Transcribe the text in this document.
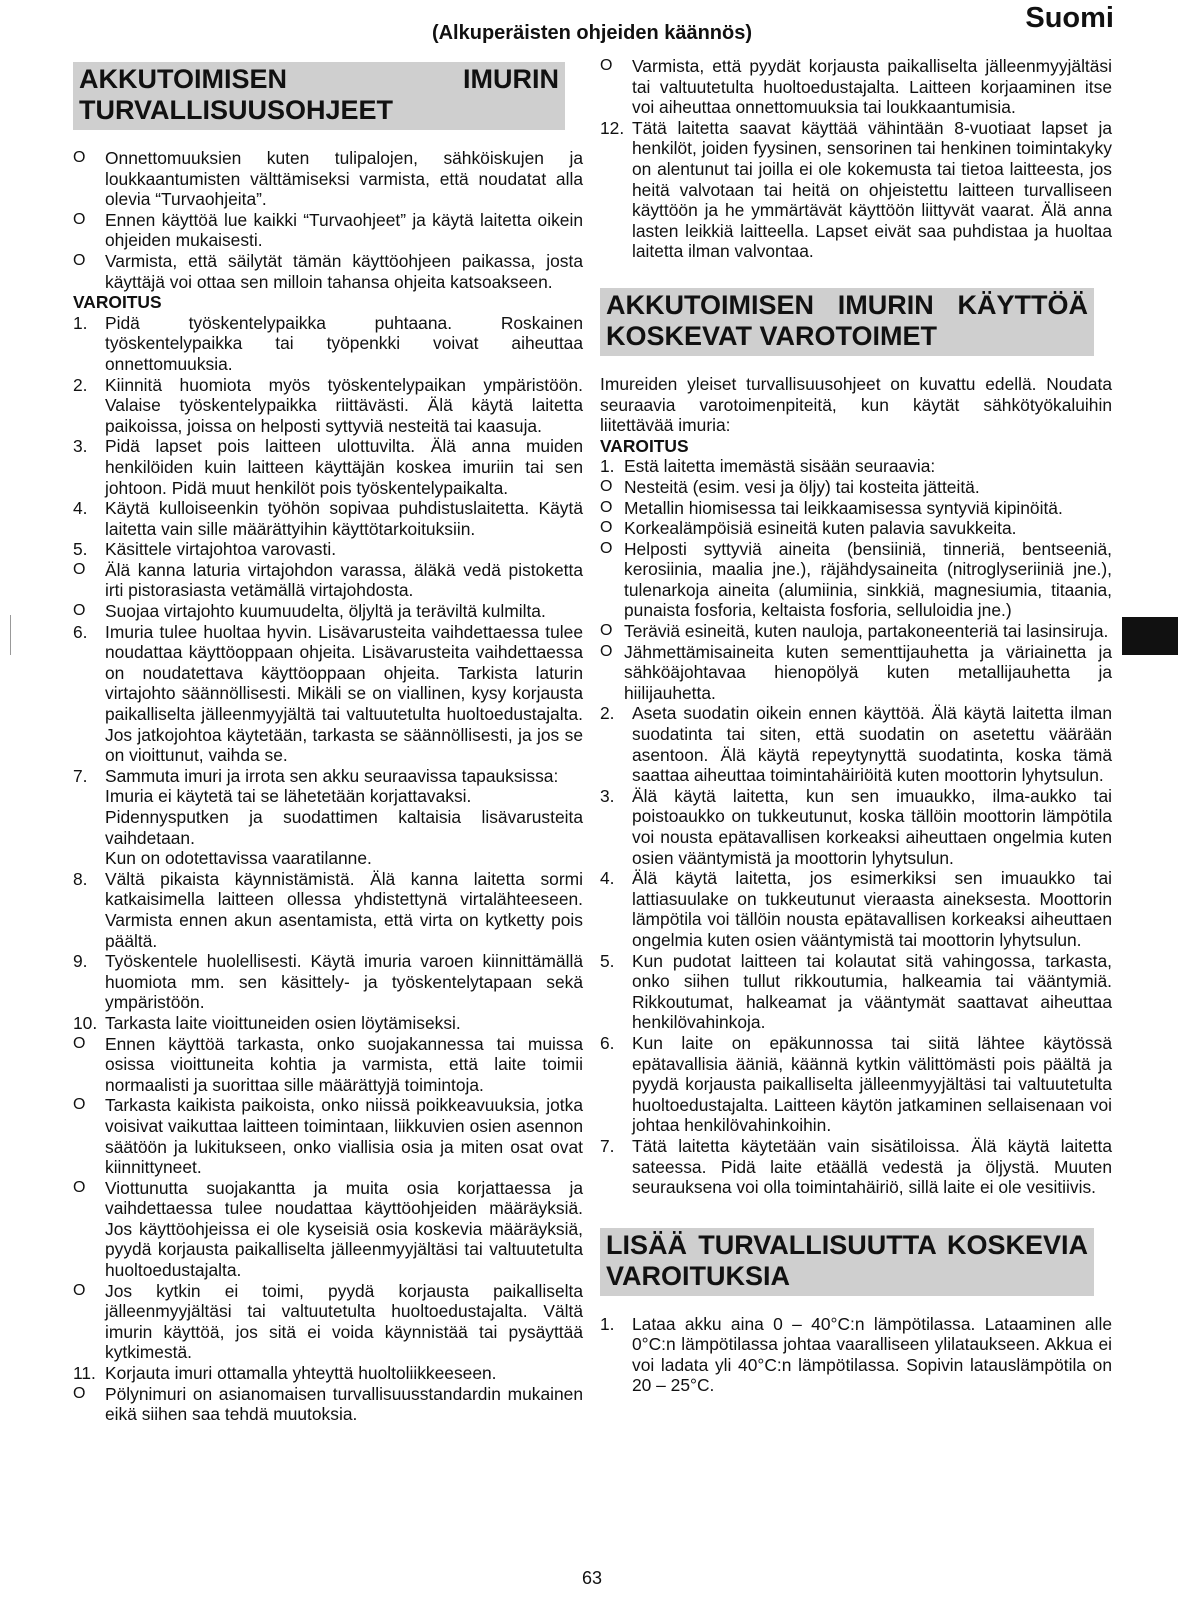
Suomi
(Alkuperäisten ohjeiden käännös)
AKKUTOIMISEN IMURIN TURVALLISUUSOHJEET
O	Onnettomuuksien kuten tulipalojen, sähköiskujen ja loukkaantumisten välttämiseksi varmista, että noudatat alla olevia “Turvaohjeita”.
O	Ennen käyttöä lue kaikki “Turvaohjeet” ja käytä laitetta oikein ohjeiden mukaisesti.
O	Varmista, että säilytät tämän käyttöohjeen paikassa, josta käyttäjä voi ottaa sen milloin tahansa ohjeita katsoakseen.
VAROITUS
1.	Pidä työskentelypaikka puhtaana. Roskainen työskentelypaikka tai työpenkki voivat aiheuttaa onnettomuuksia.
2.	Kiinnitä huomiota myös työskentelypaikan ympäristöön. Valaise työskentelypaikka riittävästi. Älä käytä laitetta paikoissa, joissa on helposti syttyviä nesteitä tai kaasuja.
3.	Pidä lapset pois laitteen ulottuvilta. Älä anna muiden henkilöiden kuin laitteen käyttäjän koskea imuriin tai sen johtoon. Pidä muut henkilöt pois työskentelypaikalta.
4.	Käytä kulloiseenkin työhön sopivaa puhdistuslaitetta. Käytä laitetta vain sille määrättyihin käyttötarkoituksiin.
5.	Käsittele virtajohtoa varovasti.
O	Älä kanna laturia virtajohdon varassa, äläkä vedä pistoketta irti pistorasiasta vetämällä virtajohdosta.
O	Suojaa virtajohto kuumuudelta, öljyltä ja teräviltä kulmilta.
6.	Imuria tulee huoltaa hyvin. Lisävarusteita vaihdettaessa tulee noudattaa käyttöoppaan ohjeita. Lisävarusteita vaihdettaessa on noudatettava käyttöoppaan ohjeita. Tarkista laturin virtajohto säännöllisesti. Mikäli se on viallinen, kysy korjausta paikalliselta jälleenmyyjältä tai valtuutetulta huoltoedustajalta. Jos jatkojohtoa käytetään, tarkasta se säännöllisesti, ja jos se on vioittunut, vaihda se.
7.	Sammuta imuri ja irrota sen akku seuraavissa tapauksissa:
Imuria ei käytetä tai se lähetetään korjattavaksi.
Pidennysputken ja suodattimen kaltaisia lisävarusteita vaihdetaan.
Kun on odotettavissa vaaratilanne.
8.	Vältä pikaista käynnistämistä. Älä kanna laitetta sormi katkaisimella laitteen ollessa yhdistettynä virtalähteeseen. Varmista ennen akun asentamista, että virta on kytketty pois päältä.
9.	Työskentele huolellisesti. Käytä imuria varoen kiinnittämällä huomiota mm. sen käsittely- ja työskentelytapaan sekä ympäristöön.
10. Tarkasta laite vioittuneiden osien löytämiseksi.
O	Ennen käyttöä tarkasta, onko suojakannessa tai muissa osissa vioittuneita kohtia ja varmista, että laite toimii normaalisti ja suorittaa sille määrättyjä toimintoja.
O	Tarkasta kaikista paikoista, onko niissä poikkeavuuksia, jotka voisivat vaikuttaa laitteen toimintaan, liikkuvien osien asennon säätöön ja lukitukseen, onko viallisia osia ja miten osat ovat kiinnittyneet.
O	Viottunutta suojakantta ja muita osia korjattaessa ja vaihdettaessa tulee noudattaa käyttöohjeiden määräyksiä. Jos käyttöohjeissa ei ole kyseisiä osia koskevia määräyksiä, pyydä korjausta paikalliselta jälleenmyyjältäsi tai valtuutetulta huoltoedustajalta.
O	Jos kytkin ei toimi, pyydä korjausta paikalliselta jälleenmyyjältäsi tai valtuutetulta huoltoedustajalta. Vältä imurin käyttöä, jos sitä ei voida käynnistää tai pysäyttää kytkimestä.
11. Korjauta imuri ottamalla yhteyttä huoltoliikkeeseen.
O	Pölynimuri on asianomaisen turvallisuusstandardin mukainen eikä siihen saa tehdä muutoksia.
O	Varmista, että pyydät korjausta paikalliselta jälleenmyyjältäsi tai valtuutetulta huoltoedustajalta. Laitteen korjaaminen itse voi aiheuttaa onnettomuuksia tai loukkaantumisia.
12. Tätä laitetta saavat käyttää vähintään 8-vuotiaat lapset ja henkilöt, joiden fyysinen, sensorinen tai henkinen toimintakyky on alentunut tai joilla ei ole kokemusta tai tietoa laitteesta, jos heitä valvotaan tai heitä on ohjeistettu laitteen turvalliseen käyttöön ja he ymmärtävät käyttöön liittyvät vaarat. Älä anna lasten leikkiä laitteella. Lapset eivät saa puhdistaa ja huoltaa laitetta ilman valvontaa.
AKKUTOIMISEN IMURIN KÄYTTÖÄ KOSKEVAT VAROTOIMET

Imureiden yleiset turvallisuusohjeet on kuvattu edellä. Noudata seuraavia varotoimenpiteitä, kun käytät sähkötyökaluihin liitettävää imuria:

VAROITUS
1. Estä laitetta imemästä sisään seuraavia:
O Nesteitä (esim. vesi ja öljy) tai kosteita jätteitä.
O Metallin hiomisessa tai leikkaamisessa syntyviä kipinöitä.
O Korkealämpöisiä esineitä kuten palavia savukkeita.
O Helposti syttyviä aineita (bensiiniä, tinneriä, bentseeniä, kerosiinia, maalia jne.), räjähdysaineita (nitroglyseriiniä jne.), tulenarkoja aineita (alumiinia, sinkkiä, magnesiumia, titaania, punaista fosforia, keltaista fosforia, selluloidia jne.)
O Teräviä esineitä, kuten nauloja, partakoneenteriä tai lasinsiruja.
O Jähmettämisaineita kuten sementtijauhetta ja väriainetta ja sähköäjohtavaa hienopölyä kuten metallijauhetta ja hiilijauhetta.
2.	Aseta suodatin oikein ennen käyttöä. Älä käytä laitetta ilman suodatinta tai siten, että suodatin on asetettu väärään asentoon. Älä käytä repeytynyttä suodatinta, koska tämä saattaa aiheuttaa toimintahäiriöitä kuten moottorin lyhytsulun.
3.	Älä käytä laitetta, kun sen imuaukko, ilma-aukko tai poistoaukko on tukkeutunut, koska tällöin moottorin lämpötila voi nousta epätavallisen korkeaksi aiheuttaen ongelmia kuten osien vääntymistä ja moottorin lyhytsulun.
4.	Älä käytä laitetta, jos esimerkiksi sen imuaukko tai lattiasuulake on tukkeutunut vieraasta aineksesta. Moottorin lämpötila voi tällöin nousta epätavallisen korkeaksi aiheuttaen ongelmia kuten osien vääntymistä tai moottorin lyhytsulun.
5.	Kun pudotat laitteen tai kolautat sitä vahingossa, tarkasta, onko siihen tullut rikkoutumia, halkeamia tai vääntymiä. Rikkoutumat, halkeamat ja vääntymät saattavat aiheuttaa henkilövahinkoja.
6.	Kun laite on epäkunnossa tai siitä lähtee käytössä epätavallisia ääniä, käännä kytkin välittömästi pois päältä ja pyydä korjausta paikalliselta jälleenmyyjältäsi tai valtuutetulta huoltoedustajalta. Laitteen käytön jatkaminen sellaisenaan voi johtaa henkilövahinkoihin.
7.	Tätä laitetta käytetään vain sisätiloissa. Älä käytä laitetta sateessa. Pidä laite etäällä vedestä ja öljystä. Muuten seurauksena voi olla toimintahäiriö, sillä laite ei ole vesitiivis.
LISÄÄ TURVALLISUUTTA KOSKEVIA VAROITUKSIA
1.	Lataa akku aina 0 – 40°C:n lämpötilassa. Lataaminen alle 0°C:n lämpötilassa johtaa vaaralliseen ylilataukseen. Akkua ei voi ladata yli 40°C:n lämpötilassa. Sopivin latauslämpötila on 20 – 25°C.
63
